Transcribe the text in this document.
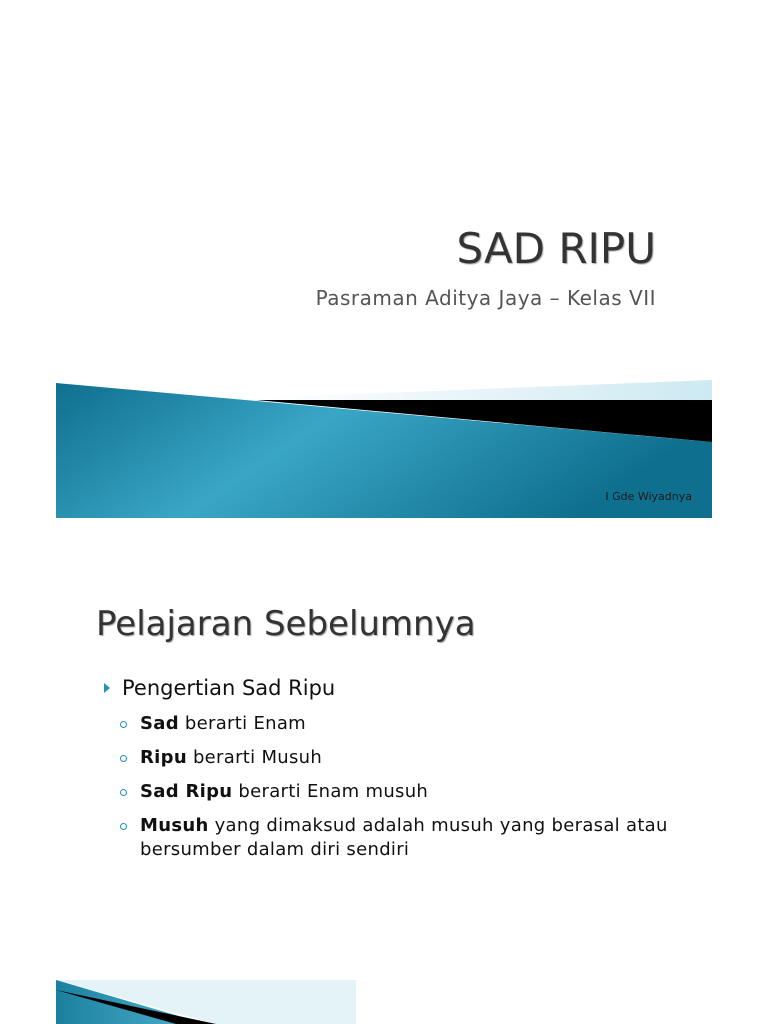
SAD RIPU

Pasraman Aditya Jaya – Kelas VII

I Gde Wiyadnya

Pelajaran Sebelumnya

Pengertian Sad Ripu

Sad berarti Enam
Ripu berarti Musuh
Sad Ripu berarti Enam musuh
Musuh yang dimaksud adalah musuh yang berasal atau bersumber dalam diri sendiri
